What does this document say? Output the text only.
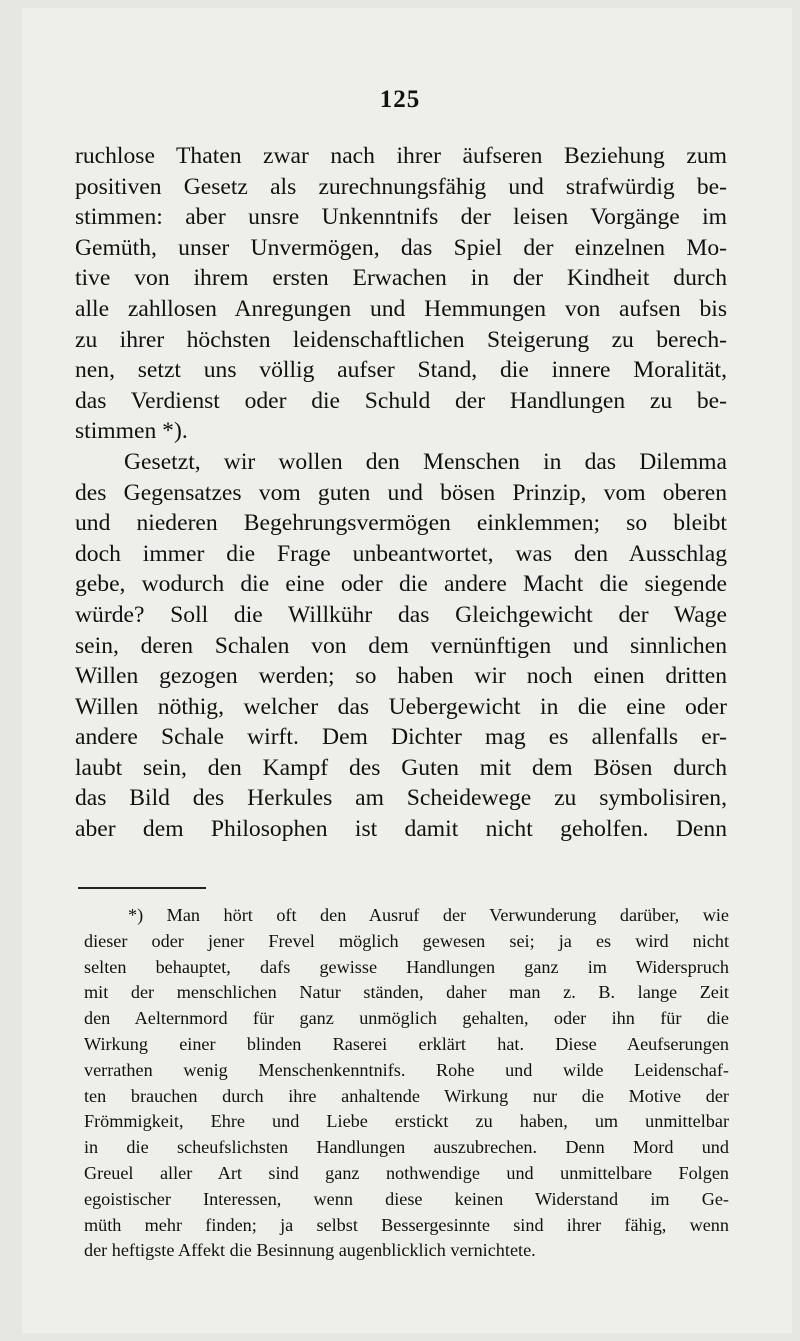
125
ruchlose Thaten zwar nach ihrer äufseren Beziehung zum
positiven Gesetz als zurechnungsfähig und strafwürdig be-
stimmen: aber unsre Unkenntnifs der leisen Vorgänge im
Gemüth, unser Unvermögen, das Spiel der einzelnen Mo-
tive von ihrem ersten Erwachen in der Kindheit durch
alle zahllosen Anregungen und Hemmungen von aufsen bis
zu ihrer höchsten leidenschaftlichen Steigerung zu berech-
nen, setzt uns völlig aufser Stand, die innere Moralität,
das Verdienst oder die Schuld der Handlungen zu be-
stimmen *).
Gesetzt, wir wollen den Menschen in das Dilemma
des Gegensatzes vom guten und bösen Prinzip, vom oberen
und niederen Begehrungsvermögen einklemmen; so bleibt
doch immer die Frage unbeantwortet, was den Ausschlag
gebe, wodurch die eine oder die andere Macht die siegende
würde? Soll die Willkühr das Gleichgewicht der Wage
sein, deren Schalen von dem vernünftigen und sinnlichen
Willen gezogen werden; so haben wir noch einen dritten
Willen nöthig, welcher das Uebergewicht in die eine oder
andere Schale wirft. Dem Dichter mag es allenfalls er-
laubt sein, den Kampf des Guten mit dem Bösen durch
das Bild des Herkules am Scheidewege zu symbolisiren,
aber dem Philosophen ist damit nicht geholfen. Denn
*) Man hört oft den Ausruf der Verwunderung darüber, wie
dieser oder jener Frevel möglich gewesen sei; ja es wird nicht
selten behauptet, dafs gewisse Handlungen ganz im Widerspruch
mit der menschlichen Natur ständen, daher man z. B. lange Zeit
den Aelternmord für ganz unmöglich gehalten, oder ihn für die
Wirkung einer blinden Raserei erklärt hat. Diese Aeufserungen
verrathen wenig Menschenkenntnifs. Rohe und wilde Leidenschaf-
ten brauchen durch ihre anhaltende Wirkung nur die Motive der
Frömmigkeit, Ehre und Liebe erstickt zu haben, um unmittelbar
in die scheufslichsten Handlungen auszubrechen. Denn Mord und
Greuel aller Art sind ganz nothwendige und unmittelbare Folgen
egoistischer Interessen, wenn diese keinen Widerstand im Ge-
müth mehr finden; ja selbst Bessergesinnte sind ihrer fähig, wenn
der heftigste Affekt die Besinnung augenblicklich vernichtete.
